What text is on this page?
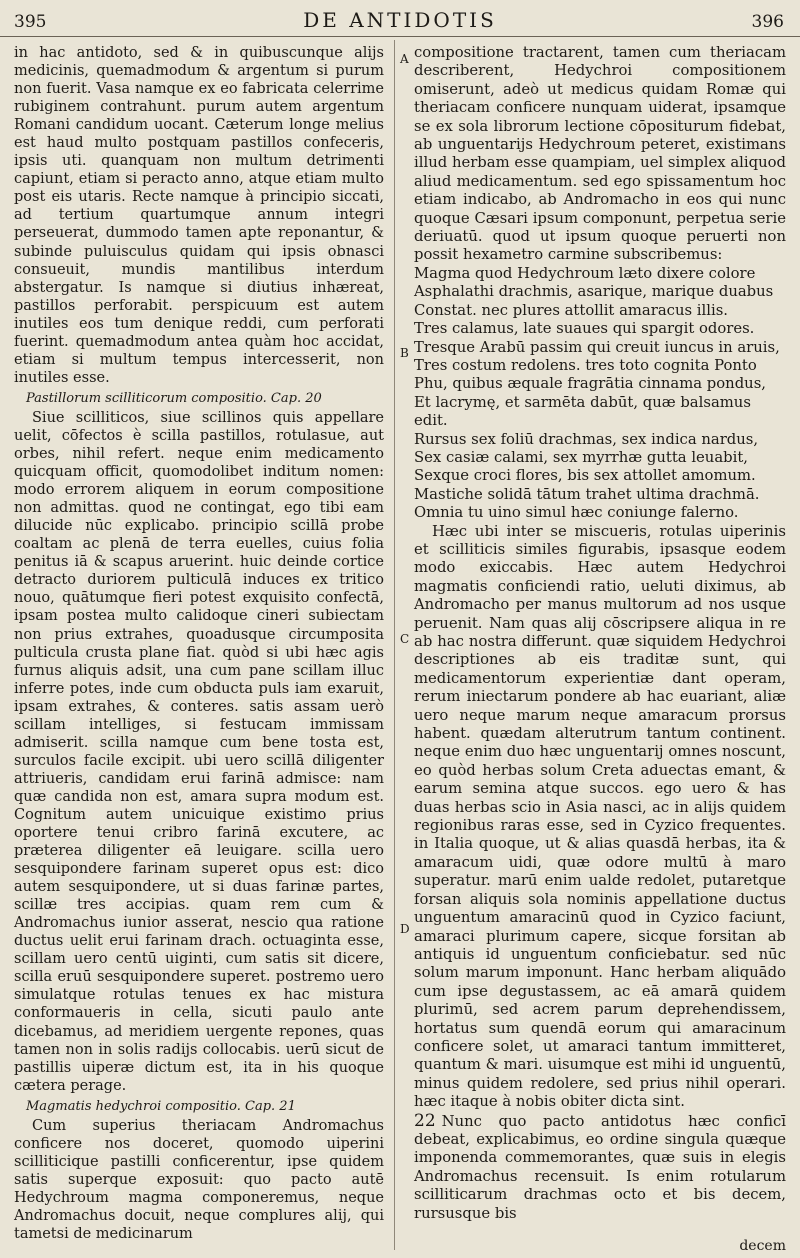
395	DE ANTIDOTIS	396
A
B
C
D

in hac antidoto, sed & in quibuscunque alijs medicinis, quemadmodum & argentum si purum non fuerit. Vasa namque ex eo fabricata celerrime rubiginem contrahunt. purum autem argentum Romani candidum uocant. Cæterum longe melius est haud multo postquam pastillos confeceris, ipsis uti. quanquam non multum detrimenti capiunt, etiam si peracto anno, atque etiam multo post eis utaris. Recte namque à principio siccati, ad tertium quartumque annum integri perseuerat, dummodo tamen apte reponantur, & subinde puluisculus quidam qui ipsis obnasci consueuit, mundis mantilibus interdum abstergatur. Is namque si diutius inhæreat, pastillos perforabit. perspicuum est autem inutiles eos tum denique reddi, cum perforati fuerint. quemadmodum antea quàm hoc accidat, etiam si multum tempus intercesserit, non inutiles esse.

Pastillorum scilliticorum compositio. Cap. 20

Siue scilliticos, siue scillinos quis appellare uelit, cōfectos è scilla pastillos, rotulasue, aut orbes, nihil refert. neque enim medicamento quicquam officit, quomodolibet inditum nomen: modo errorem aliquem in eorum compositione non admittas. quod ne contingat, ego tibi eam dilucide nūc explicabo. principio scillā probe coaltam ac plenā de terra euelles, cuius folia penitus iā & scapus aruerint. huic deinde cortice detracto duriorem pulticulā induces ex tritico nouo, quātumque fieri potest exquisito confectā, ipsam postea multo calidoque cineri subiectam non prius extrahes, quoadusque circumposita pulticula crusta plane fiat. quòd si ubi hæc agis furnus aliquis adsit, una cum pane scillam illuc inferre potes, inde cum obducta puls iam exaruit, ipsam extrahes, & conteres. satis assam uerò scillam intelliges, si festucam immissam admiserit. scilla namque cum bene tosta est, surculos facile excipit. ubi uero scillā diligenter attriueris, candidam erui farinā admisce: nam quæ candida non est, amara supra modum est. Cognitum autem unicuique existimo prius oportere tenui cribro farinā excutere, ac præterea diligenter eā leuigare. scilla uero sesquipondere farinam superet opus est: dico autem sesquipondere, ut si duas farinæ partes, scillæ tres accipias. quam rem cum & Andromachus iunior asserat, nescio qua ratione ductus uelit erui farinam drach. octuaginta esse, scillam uero centū uiginti, cum satis sit dicere, scilla eruū sesquipondere superet. postremo uero simulatque rotulas tenues ex hac mistura conformaueris in cella, sicuti paulo ante dicebamus, ad meridiem uergente repones, quas tamen non in solis radijs collocabis. uerū sicut de pastillis uiperæ dictum est, ita in his quoque cætera perage.

Magmatis hedychroi compositio. Cap. 21

Cum superius theriacam Andromachus conficere nos doceret, quomodo uiperini scilliticique pastilli conficerentur, ipse quidem satis superque exposuit: quo pacto autē Hedychroum magma componeremus, neque Andromachus docuit, neque complures alij, qui tametsi de medicinarum

compositione tractarent, tamen cum theriacam describerent, Hedychroi compositionem omiserunt, adeò ut medicus quidam Romæ qui theriacam conficere nunquam uiderat, ipsamque se ex sola librorum lectione cōpositurum fidebat, ab unguentarijs Hedychroum peteret, existimans illud herbam esse quampiam, uel simplex aliquod aliud medicamentum. sed ego spissamentum hoc etiam indicabo, ab Andromacho in eos qui nunc quoque Cæsari ipsum componunt, perpetua serie deriuatū. quod ut ipsum quoque peruerti non possit hexametro carmine subscribemus:

Magma quod Hedychroum læto dixere colore

Asphalathi drachmis, asarique, marique duabus

Constat. nec plures attollit amaracus illis.

Tres calamus, late suaues qui spargit odores.

Tresque Arabū passim qui creuit iuncus in aruis,

Tres costum redolens. tres toto cognita Ponto

Phu, quibus æquale fragrātia cinnama pondus,

Et lacrymę, et sarmēta dabūt, quæ balsamus edit.

Rursus sex foliū drachmas, sex indica nardus,

Sex casiæ calami, sex myrrhæ gutta leuabit,

Sexque croci flores, bis sex attollet amomum.

Mastiche solidā tātum trahet ultima drachmā.

Omnia tu uino simul hæc coniunge falerno.

Hæc ubi inter se miscueris, rotulas uiperinis et scilliticis similes figurabis, ipsasque eodem modo exiccabis. Hæc autem Hedychroi magmatis conficiendi ratio, ueluti diximus, ab Andromacho per manus multorum ad nos usque peruenit. Nam quas alij cōscripsere aliqua in re ab hac nostra differunt. quæ siquidem Hedychroi descriptiones ab eis traditæ sunt, qui medicamentorum experientiæ dant operam, rerum iniectarum pondere ab hac euariant, aliæ uero neque marum neque amaracum prorsus habent. quædam alterutrum tantum continent. neque enim duo hæc unguentarij omnes noscunt, eo quòd herbas solum Creta aduectas emant, & earum semina atque succos. ego uero & has duas herbas scio in Asia nasci, ac in alijs quidem regionibus raras esse, sed in Cyzico frequentes. in Italia quoque, ut & alias quasdā herbas, ita & amaracum uidi, quæ odore multū à maro superatur. marū enim ualde redolet, putaretque forsan aliquis sola nominis appellatione ductus unguentum amaracinū quod in Cyzico faciunt, amaraci plurimum capere, sicque forsitan ab antiquis id unguentum conficiebatur. sed nūc solum marum imponunt. Hanc herbam aliquādo cum ipse degustassem, ac eā amarā quidem plurimū, sed acrem parum deprehendissem, hortatus sum quendā eorum qui amaracinum conficere solet, ut amaraci tantum immitteret, quantum & mari. uisumque est mihi id unguentū, minus quidem redolere, sed prius nihil operari. hæc itaque à nobis obiter dicta sint.

22 Nunc quo pacto antidotus hæc conficī debeat, explicabimus, eo ordine singula quæque imponenda commemorantes, quæ suis in elegis Andromachus recensuit. Is enim rotularum scilliticarum drachmas octo et bis decem, rursusque bis

decem
